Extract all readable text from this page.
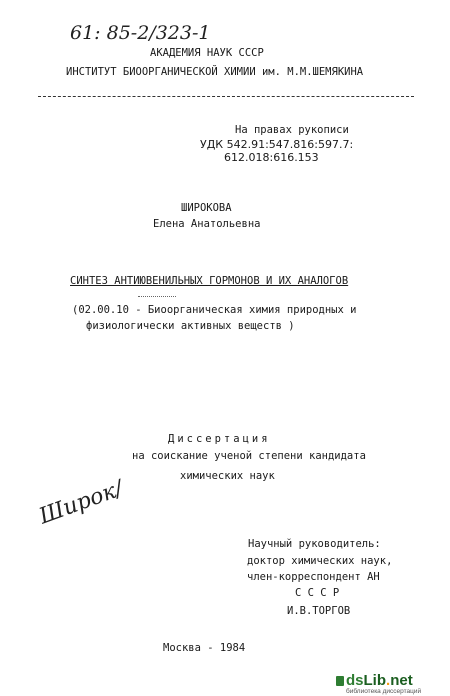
61: 85-2/323-1
АКАДЕМИЯ НАУК СССР
ИНСТИТУТ БИООРГАНИЧЕСКОЙ ХИМИИ им. М.М.ШЕМЯКИНА
На правах рукописи
УДК 542.91:547.816:597.7:
612.018:616.153
ШИРОКОВА
Елена Анатольевна
СИНТЕЗ АНТИЮВЕНИЛЬНЫХ ГОРМОНОВ И ИХ АНАЛОГОВ
(02.00.10 - Биоорганическая химия природных и
физиологически активных веществ )
Диссертация
на соискание ученой степени кандидата
химических наук
Широк/
Научный руководитель:
доктор химических наук,
член-корреспондент АН
С С С Р
И.В.ТОРГОВ
Москва - 1984
dsLib.net
библиотека диссертаций
